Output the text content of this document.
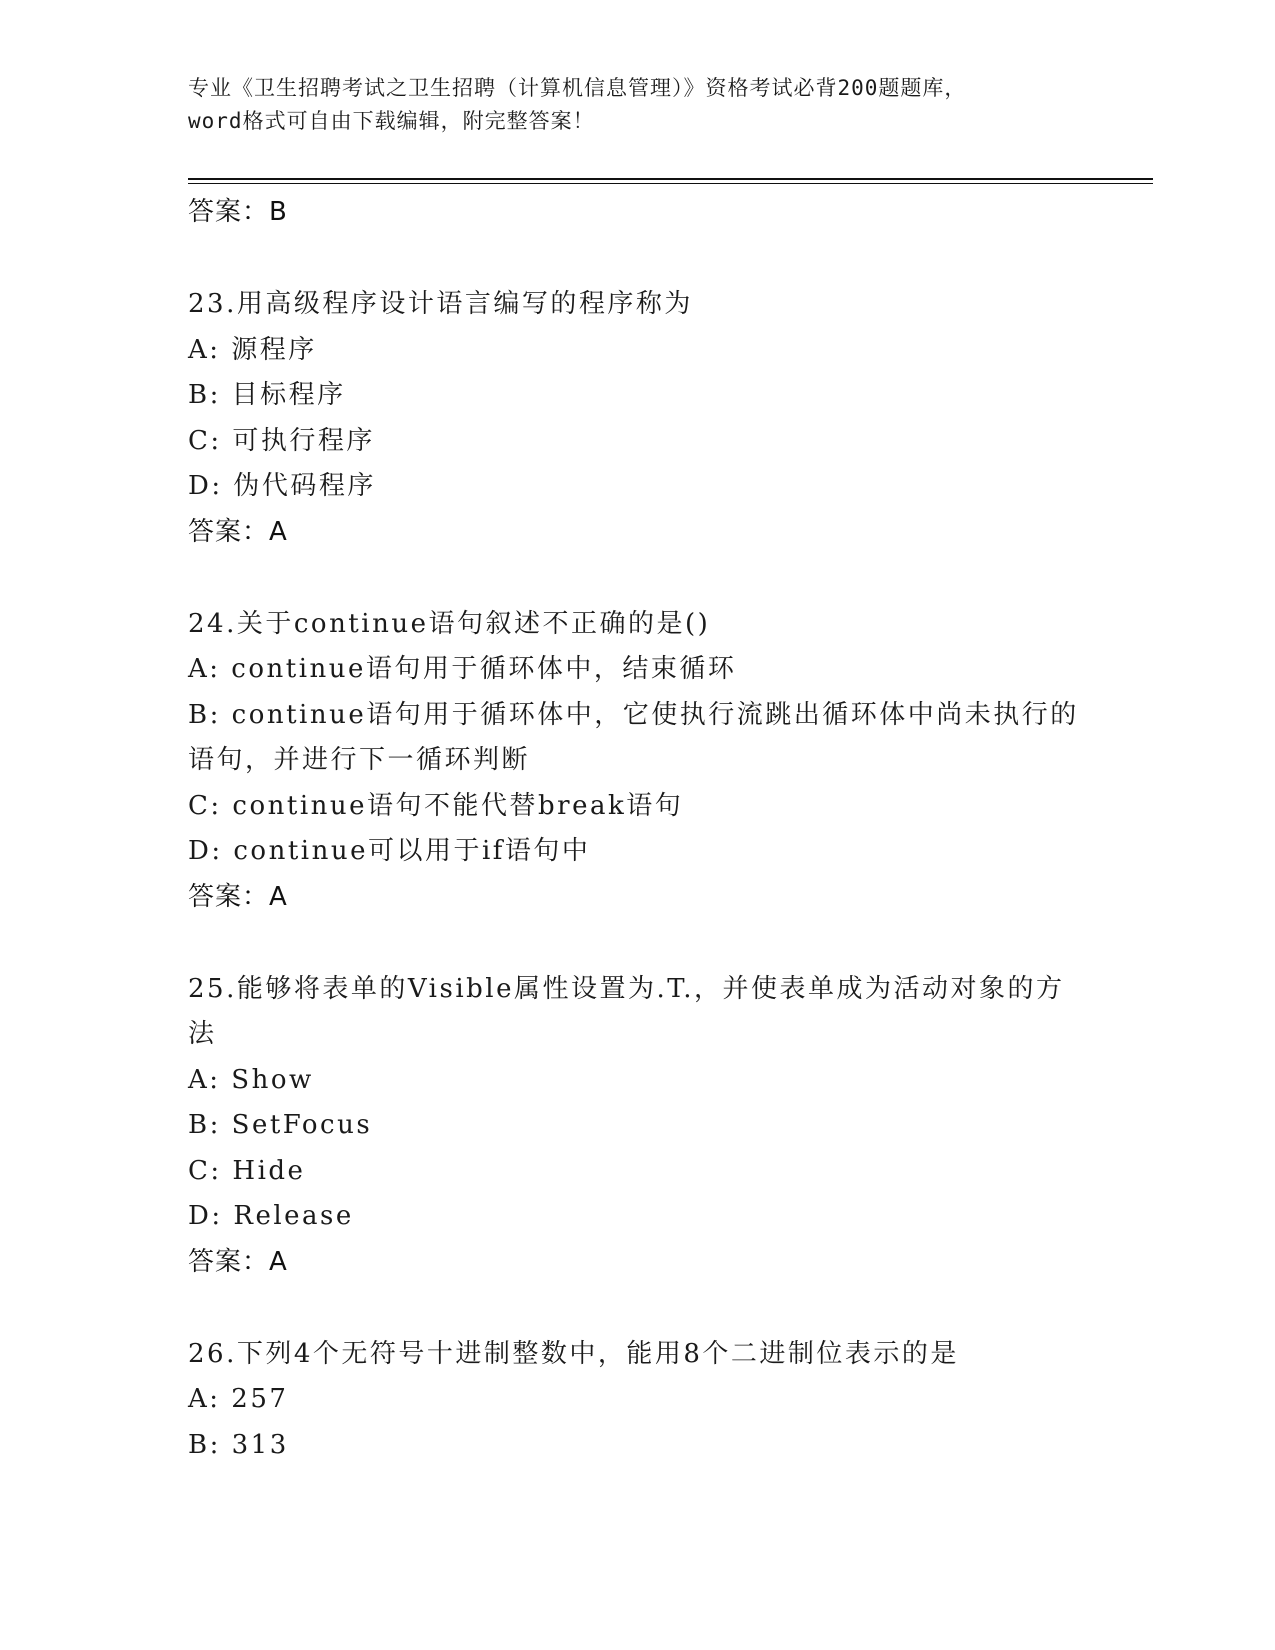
专业《卫生招聘考试之卫生招聘（计算机信息管理）》资格考试必背200题题库，
word格式可自由下载编辑，附完整答案！
答案：B

23.用高级程序设计语言编写的程序称为

A: 源程序

B: 目标程序

C: 可执行程序

D: 伪代码程序

答案：A

24.关于continue语句叙述不正确的是()

A: continue语句用于循环体中，结束循环

B: continue语句用于循环体中，它使执行流跳出循环体中尚未执行的语句，并进行下一循环判断

C: continue语句不能代替break语句

D: continue可以用于if语句中

答案：A

25.能够将表单的Visible属性设置为.T.，并使表单成为活动对象的方法

A: Show

B: SetFocus

C: Hide

D: Release

答案：A

26.下列4个无符号十进制整数中，能用8个二进制位表示的是

A: 257

B: 313
